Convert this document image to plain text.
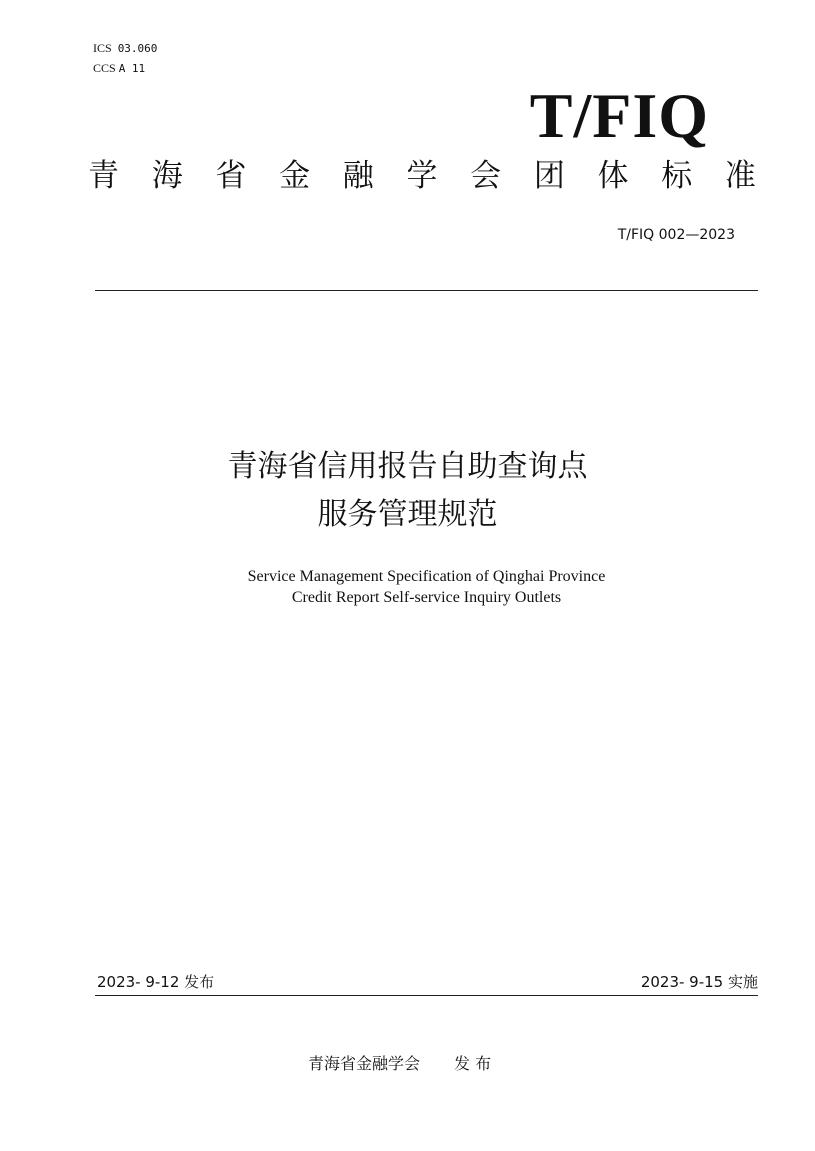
ICS 03.060
CCS A 11
T/FIQ
青 海 省 金 融 学 会 团 体 标 准
T/FIQ 002—2023
青海省信用报告自助查询点
服务管理规范
Service Management Specification of Qinghai Province
Credit Report Self-service Inquiry Outlets
2023- 9-12 发布	2023- 9-15 实施
青海省金融学会 发 布
